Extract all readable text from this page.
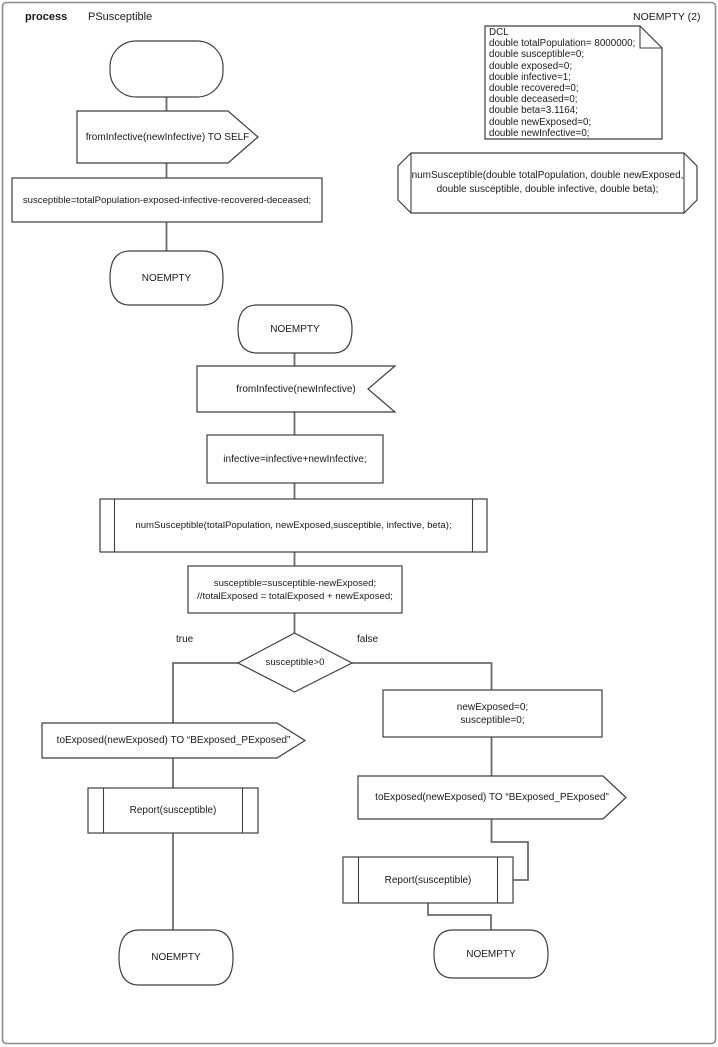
process PSusceptible	NOEMPTY (2)
DCL
double totalPopulation= 8000000;
double susceptible=0;
double exposed=0;
double infective=1;
double recovered=0;
double deceased=0;
double beta=3.1164;
double newExposed=0;
double newInfective=0;
numSusceptible(double totalPopulation, double newExposed,
double susceptible, double infective, double beta);
fromInfective(newInfective) TO SELF
susceptible=totalPopulation-exposed-infective-recovered-deceased;
NOEMPTY
NOEMPTY
fromInfective(newInfective)
infective=infective+newInfective;
numSusceptible(totalPopulation, newExposed,susceptible, infective, beta);
susceptible=susceptible-newExposed;
//totalExposed = totalExposed + newExposed;
susceptible>0
true	false
toExposed(newExposed) TO “BExposed_PExposed”
Report(susceptible)
NOEMPTY
newExposed=0;
susceptible=0;
toExposed(newExposed) TO “BExposed_PExposed”
Report(susceptible)
NOEMPTY
